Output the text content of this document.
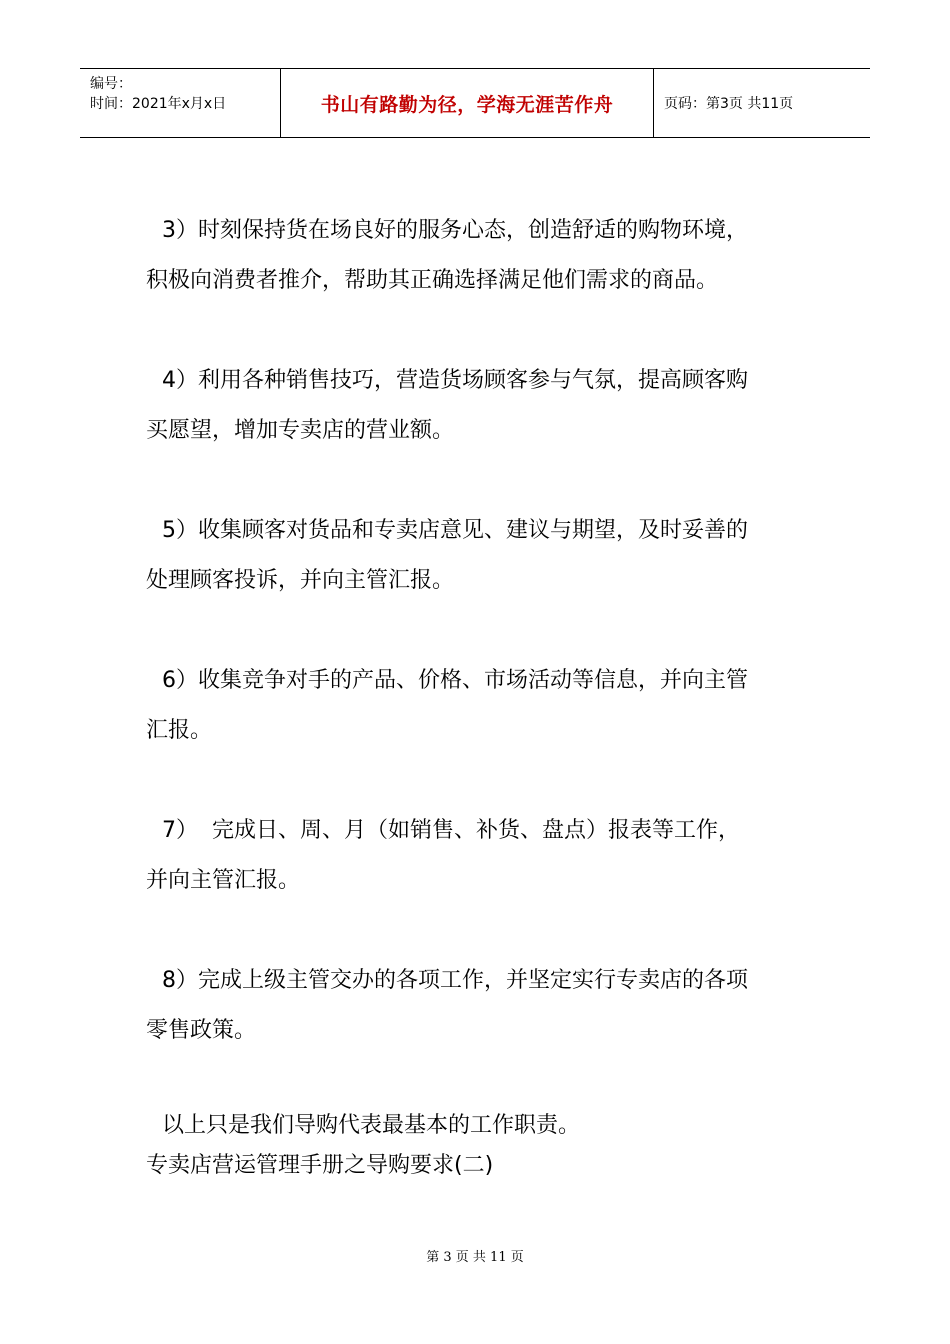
编号：
时间：2021年x月x日	书山有路勤为径，学海无涯苦作舟	页码：第3页 共11页
3）时刻保持货在场良好的服务心态，创造舒适的购物环境，
积极向消费者推介，帮助其正确选择满足他们需求的商品。
4）利用各种销售技巧，营造货场顾客参与气氛，提高顾客购
买愿望，增加专卖店的营业额。
5）收集顾客对货品和专卖店意见、建议与期望，及时妥善的
处理顾客投诉，并向主管汇报。
6）收集竞争对手的产品、价格、市场活动等信息，并向主管
汇报。
7）  完成日、周、月（如销售、补货、盘点）报表等工作，
并向主管汇报。
8）完成上级主管交办的各项工作，并坚定实行专卖店的各项
零售政策。
以上只是我们导购代表最基本的工作职责。
专卖店营运管理手册之导购要求(二)
第 3 页 共 11 页
